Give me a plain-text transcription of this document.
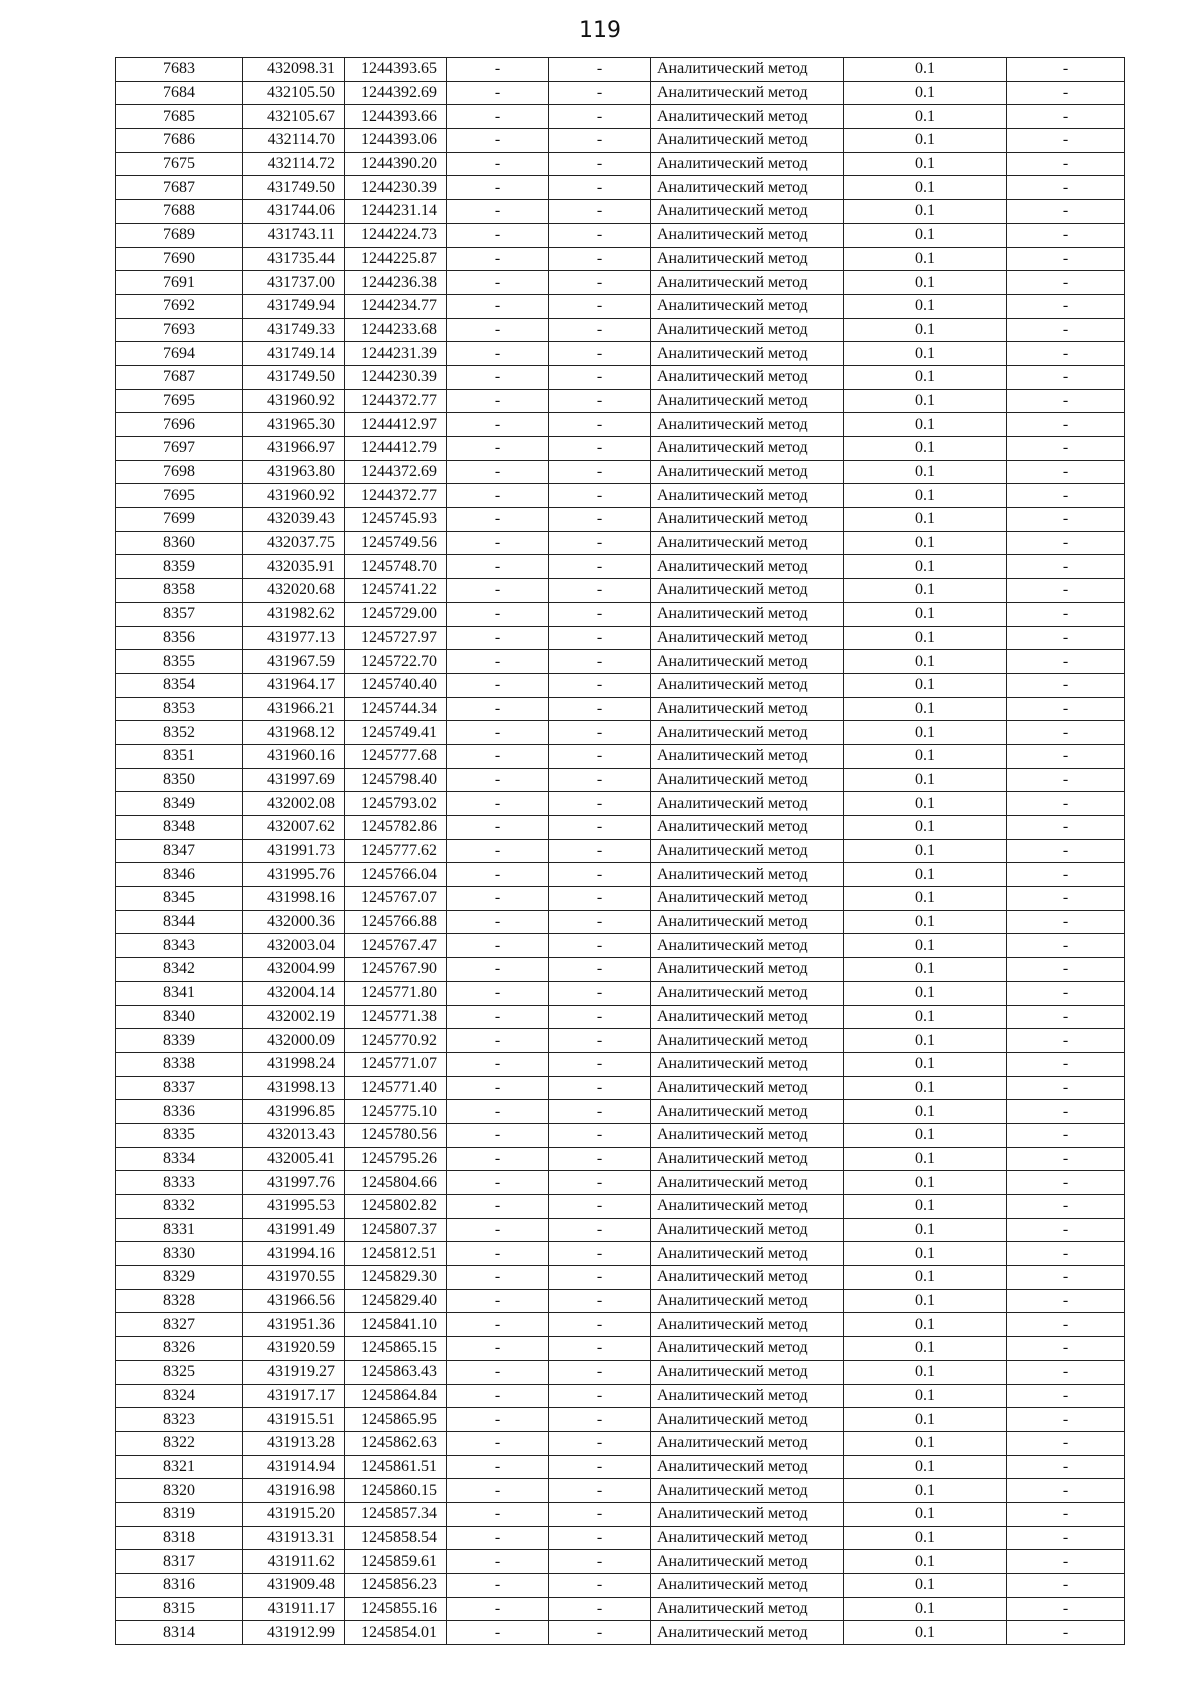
119
7683	432098.31	1244393.65	-	-	Аналитический метод	0.1	-
7684	432105.50	1244392.69	-	-	Аналитический метод	0.1	-
7685	432105.67	1244393.66	-	-	Аналитический метод	0.1	-
7686	432114.70	1244393.06	-	-	Аналитический метод	0.1	-
7675	432114.72	1244390.20	-	-	Аналитический метод	0.1	-
7687	431749.50	1244230.39	-	-	Аналитический метод	0.1	-
7688	431744.06	1244231.14	-	-	Аналитический метод	0.1	-
7689	431743.11	1244224.73	-	-	Аналитический метод	0.1	-
7690	431735.44	1244225.87	-	-	Аналитический метод	0.1	-
7691	431737.00	1244236.38	-	-	Аналитический метод	0.1	-
7692	431749.94	1244234.77	-	-	Аналитический метод	0.1	-
7693	431749.33	1244233.68	-	-	Аналитический метод	0.1	-
7694	431749.14	1244231.39	-	-	Аналитический метод	0.1	-
7687	431749.50	1244230.39	-	-	Аналитический метод	0.1	-
7695	431960.92	1244372.77	-	-	Аналитический метод	0.1	-
7696	431965.30	1244412.97	-	-	Аналитический метод	0.1	-
7697	431966.97	1244412.79	-	-	Аналитический метод	0.1	-
7698	431963.80	1244372.69	-	-	Аналитический метод	0.1	-
7695	431960.92	1244372.77	-	-	Аналитический метод	0.1	-
7699	432039.43	1245745.93	-	-	Аналитический метод	0.1	-
8360	432037.75	1245749.56	-	-	Аналитический метод	0.1	-
8359	432035.91	1245748.70	-	-	Аналитический метод	0.1	-
8358	432020.68	1245741.22	-	-	Аналитический метод	0.1	-
8357	431982.62	1245729.00	-	-	Аналитический метод	0.1	-
8356	431977.13	1245727.97	-	-	Аналитический метод	0.1	-
8355	431967.59	1245722.70	-	-	Аналитический метод	0.1	-
8354	431964.17	1245740.40	-	-	Аналитический метод	0.1	-
8353	431966.21	1245744.34	-	-	Аналитический метод	0.1	-
8352	431968.12	1245749.41	-	-	Аналитический метод	0.1	-
8351	431960.16	1245777.68	-	-	Аналитический метод	0.1	-
8350	431997.69	1245798.40	-	-	Аналитический метод	0.1	-
8349	432002.08	1245793.02	-	-	Аналитический метод	0.1	-
8348	432007.62	1245782.86	-	-	Аналитический метод	0.1	-
8347	431991.73	1245777.62	-	-	Аналитический метод	0.1	-
8346	431995.76	1245766.04	-	-	Аналитический метод	0.1	-
8345	431998.16	1245767.07	-	-	Аналитический метод	0.1	-
8344	432000.36	1245766.88	-	-	Аналитический метод	0.1	-
8343	432003.04	1245767.47	-	-	Аналитический метод	0.1	-
8342	432004.99	1245767.90	-	-	Аналитический метод	0.1	-
8341	432004.14	1245771.80	-	-	Аналитический метод	0.1	-
8340	432002.19	1245771.38	-	-	Аналитический метод	0.1	-
8339	432000.09	1245770.92	-	-	Аналитический метод	0.1	-
8338	431998.24	1245771.07	-	-	Аналитический метод	0.1	-
8337	431998.13	1245771.40	-	-	Аналитический метод	0.1	-
8336	431996.85	1245775.10	-	-	Аналитический метод	0.1	-
8335	432013.43	1245780.56	-	-	Аналитический метод	0.1	-
8334	432005.41	1245795.26	-	-	Аналитический метод	0.1	-
8333	431997.76	1245804.66	-	-	Аналитический метод	0.1	-
8332	431995.53	1245802.82	-	-	Аналитический метод	0.1	-
8331	431991.49	1245807.37	-	-	Аналитический метод	0.1	-
8330	431994.16	1245812.51	-	-	Аналитический метод	0.1	-
8329	431970.55	1245829.30	-	-	Аналитический метод	0.1	-
8328	431966.56	1245829.40	-	-	Аналитический метод	0.1	-
8327	431951.36	1245841.10	-	-	Аналитический метод	0.1	-
8326	431920.59	1245865.15	-	-	Аналитический метод	0.1	-
8325	431919.27	1245863.43	-	-	Аналитический метод	0.1	-
8324	431917.17	1245864.84	-	-	Аналитический метод	0.1	-
8323	431915.51	1245865.95	-	-	Аналитический метод	0.1	-
8322	431913.28	1245862.63	-	-	Аналитический метод	0.1	-
8321	431914.94	1245861.51	-	-	Аналитический метод	0.1	-
8320	431916.98	1245860.15	-	-	Аналитический метод	0.1	-
8319	431915.20	1245857.34	-	-	Аналитический метод	0.1	-
8318	431913.31	1245858.54	-	-	Аналитический метод	0.1	-
8317	431911.62	1245859.61	-	-	Аналитический метод	0.1	-
8316	431909.48	1245856.23	-	-	Аналитический метод	0.1	-
8315	431911.17	1245855.16	-	-	Аналитический метод	0.1	-
8314	431912.99	1245854.01	-	-	Аналитический метод	0.1	-
